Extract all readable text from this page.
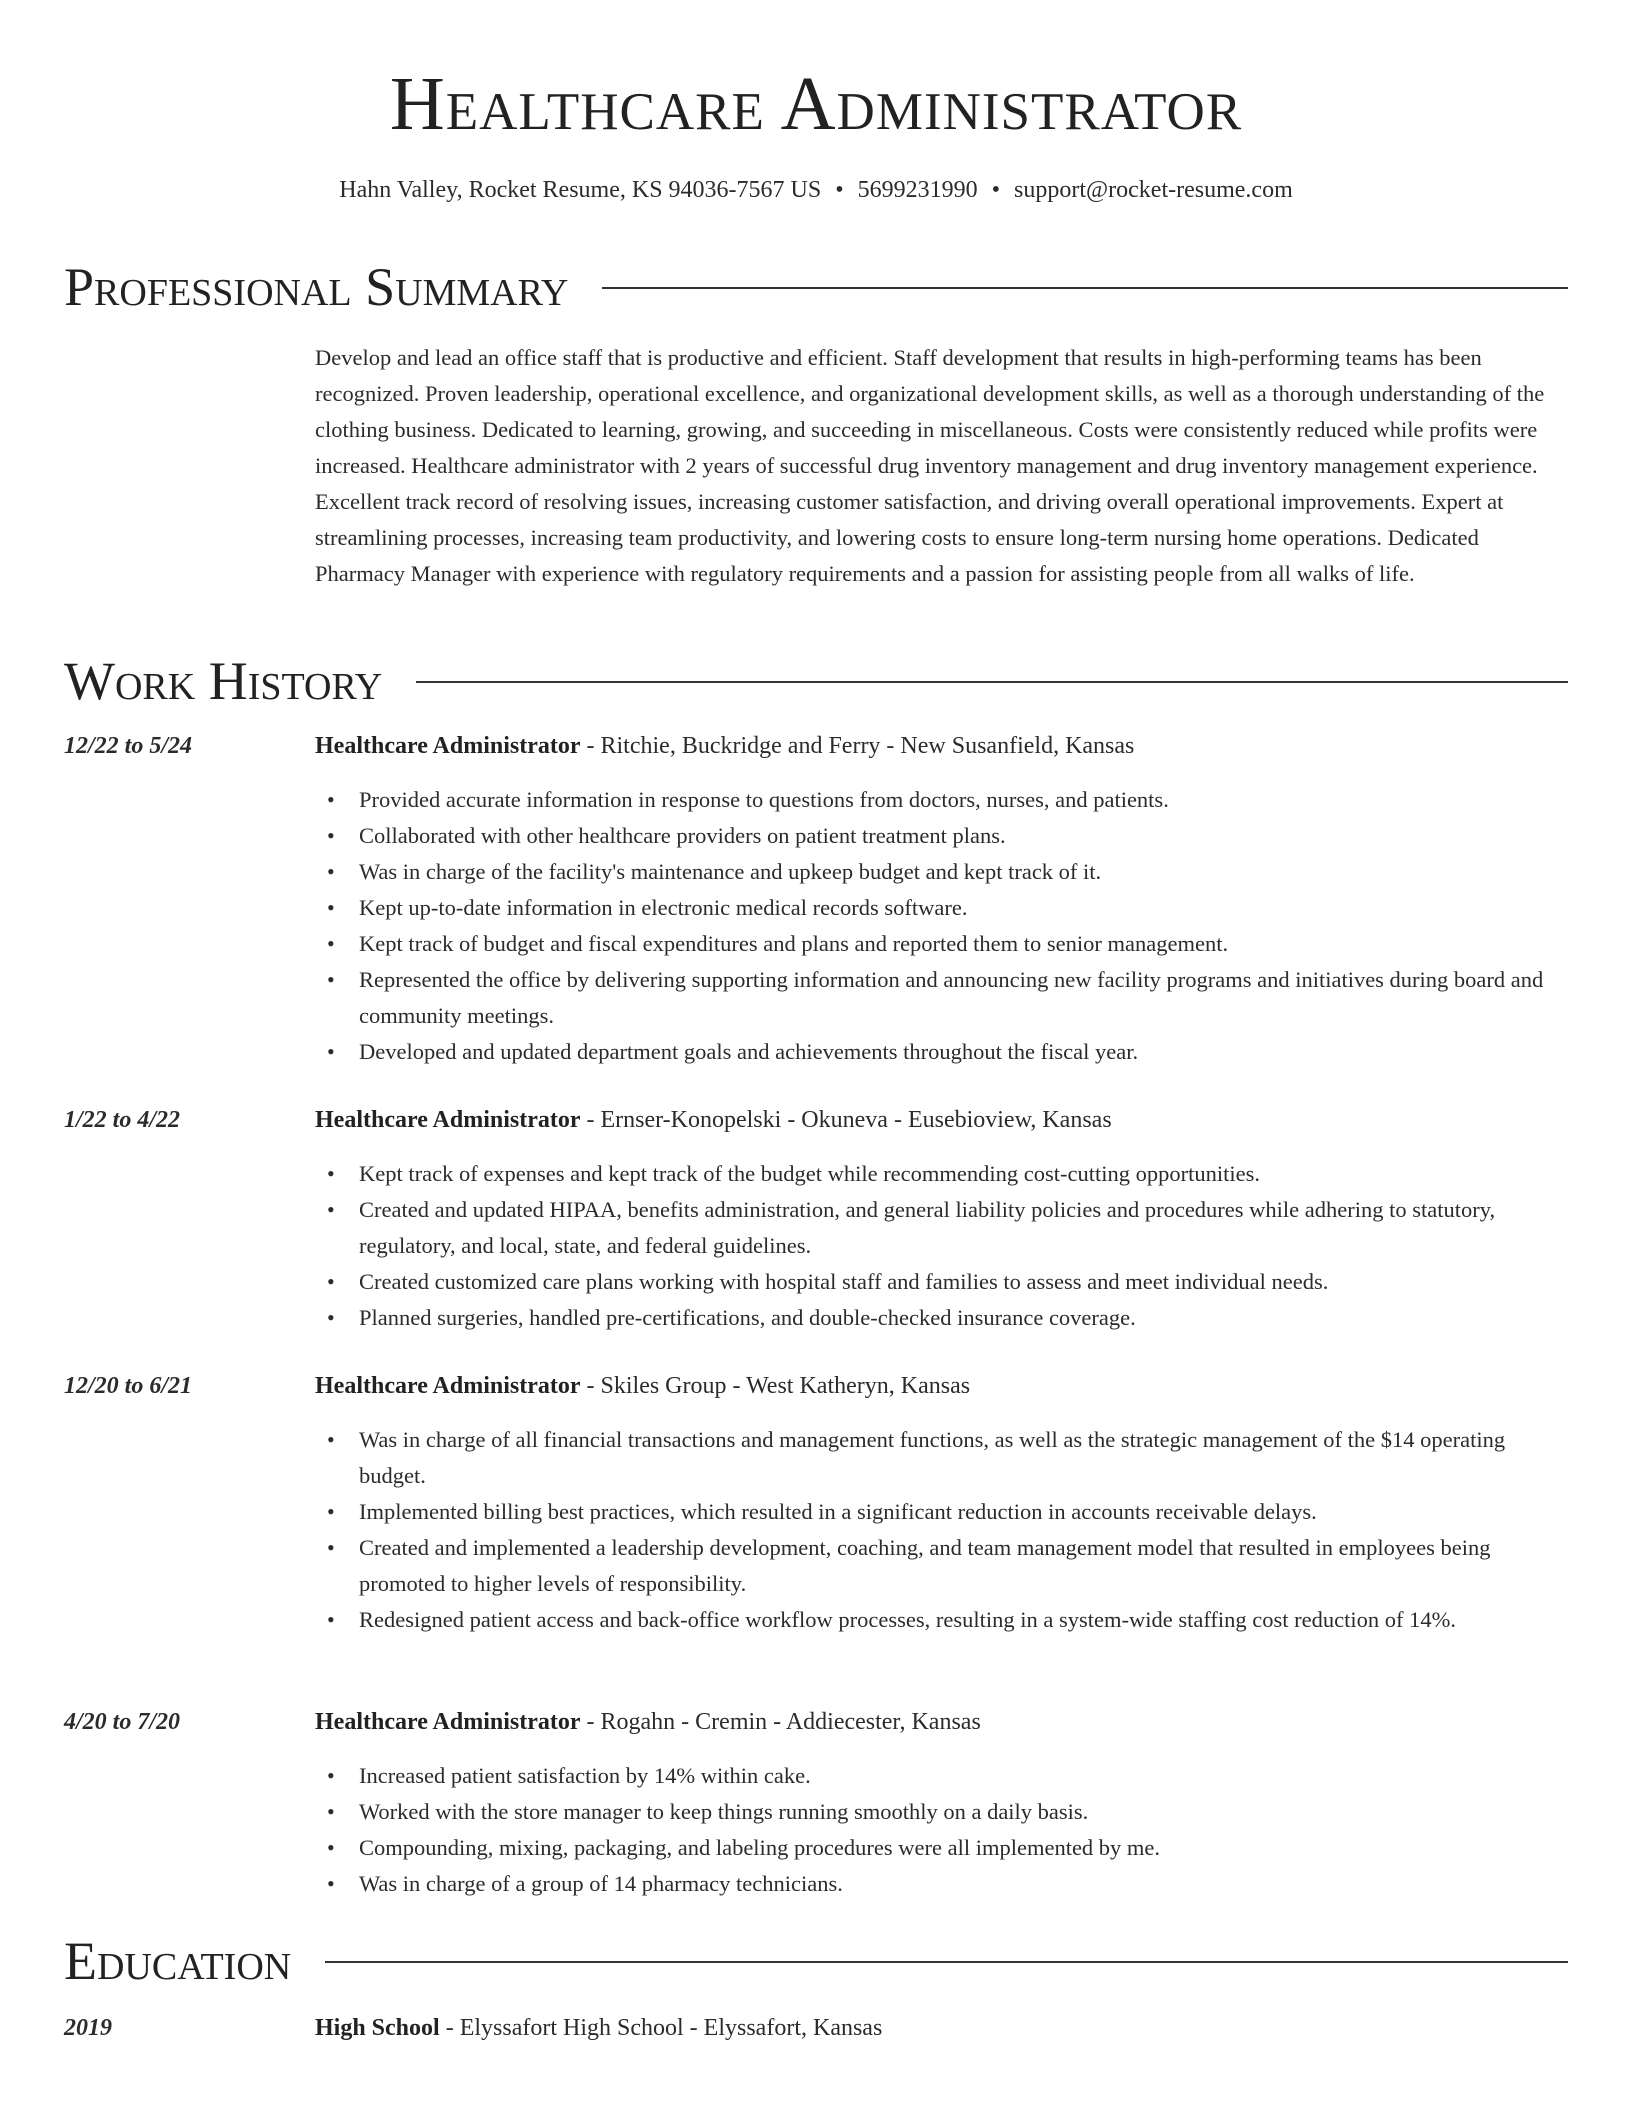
Healthcare Administrator
Hahn Valley, Rocket Resume, KS 94036-7567 US • 5699231990 • support@rocket-resume.com
Professional Summary

Develop and lead an office staff that is productive and efficient. Staff development that results in high-performing teams has been recognized. Proven leadership, operational excellence, and organizational development skills, as well as a thorough understanding of the clothing business. Dedicated to learning, growing, and succeeding in miscellaneous. Costs were consistently reduced while profits were increased. Healthcare administrator with 2 years of successful drug inventory management and drug inventory management experience. Excellent track record of resolving issues, increasing customer satisfaction, and driving overall operational improvements. Expert at streamlining processes, increasing team productivity, and lowering costs to ensure long-term nursing home operations. Dedicated Pharmacy Manager with experience with regulatory requirements and a passion for assisting people from all walks of life.

Work History
12/22 to 5/24	Healthcare Administrator - Ritchie, Buckridge and Ferry - New Susanfield, Kansas
• Provided accurate information in response to questions from doctors, nurses, and patients.
• Collaborated with other healthcare providers on patient treatment plans.
• Was in charge of the facility's maintenance and upkeep budget and kept track of it.
• Kept up-to-date information in electronic medical records software.
• Kept track of budget and fiscal expenditures and plans and reported them to senior management.
• Represented the office by delivering supporting information and announcing new facility programs and initiatives during board and community meetings.
• Developed and updated department goals and achievements throughout the fiscal year.
1/22 to 4/22	Healthcare Administrator - Ernser-Konopelski - Okuneva - Eusebioview, Kansas
• Kept track of expenses and kept track of the budget while recommending cost-cutting opportunities.
• Created and updated HIPAA, benefits administration, and general liability policies and procedures while adhering to statutory, regulatory, and local, state, and federal guidelines.
• Created customized care plans working with hospital staff and families to assess and meet individual needs.
• Planned surgeries, handled pre-certifications, and double-checked insurance coverage.
12/20 to 6/21	Healthcare Administrator - Skiles Group - West Katheryn, Kansas
• Was in charge of all financial transactions and management functions, as well as the strategic management of the $14 operating budget.
• Implemented billing best practices, which resulted in a significant reduction in accounts receivable delays.
• Created and implemented a leadership development, coaching, and team management model that resulted in employees being promoted to higher levels of responsibility.
• Redesigned patient access and back-office workflow processes, resulting in a system-wide staffing cost reduction of 14%.
4/20 to 7/20	Healthcare Administrator - Rogahn - Cremin - Addiecester, Kansas
• Increased patient satisfaction by 14% within cake.
• Worked with the store manager to keep things running smoothly on a daily basis.
• Compounding, mixing, packaging, and labeling procedures were all implemented by me.
• Was in charge of a group of 14 pharmacy technicians.
Education
2019	High School - Elyssafort High School - Elyssafort, Kansas
